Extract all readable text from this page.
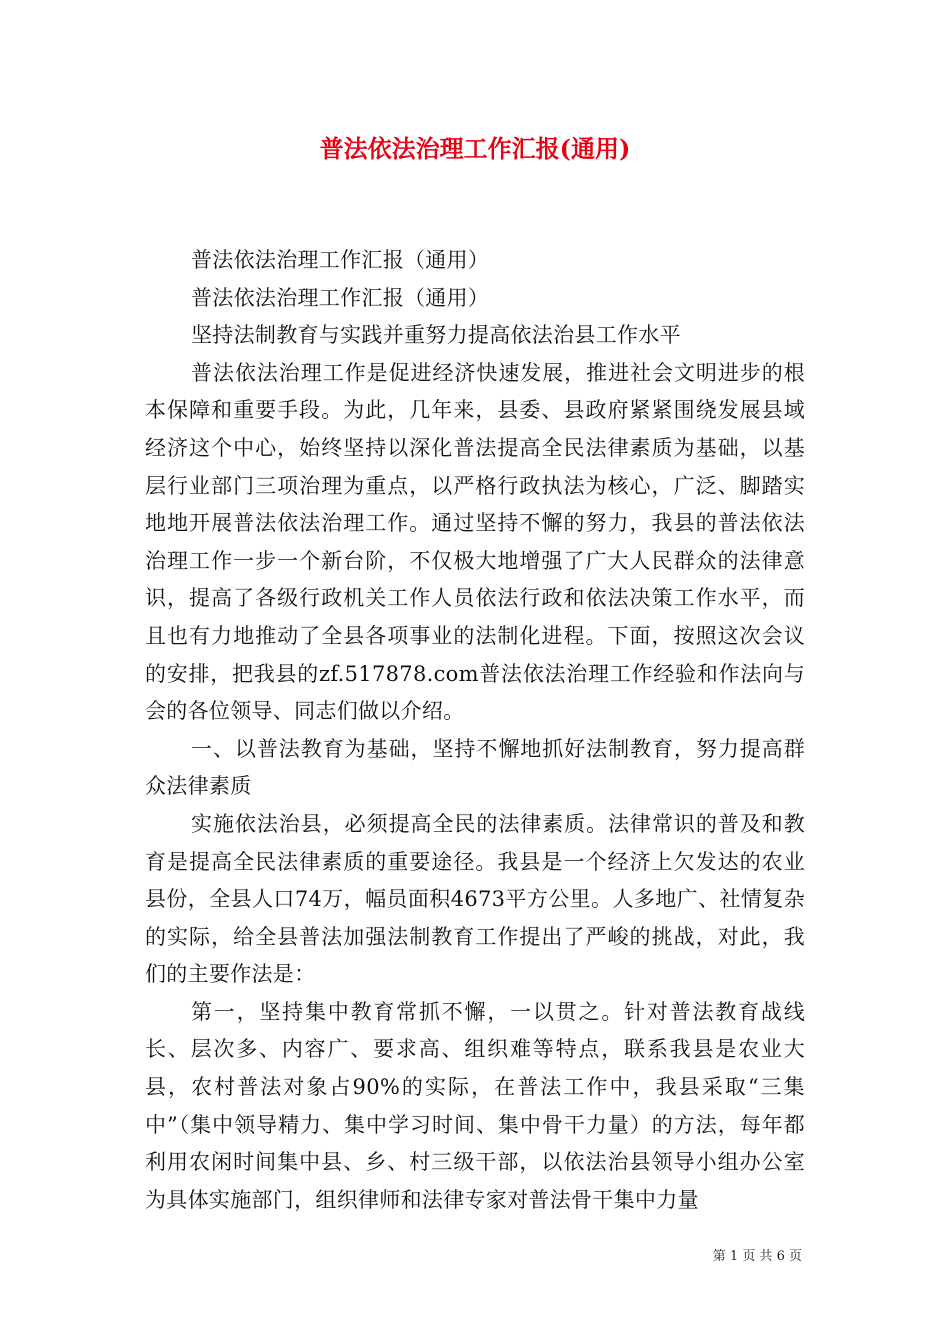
普法依法治理工作汇报(通用)

普法依法治理工作汇报（通用）

普法依法治理工作汇报（通用）

坚持法制教育与实践并重努力提高依法治县工作水平

普法依法治理工作是促进经济快速发展，推进社会文明进步的根本保障和重要手段。为此，几年来，县委、县政府紧紧围绕发展县域经济这个中心，始终坚持以深化普法提高全民法律素质为基础，以基层行业部门三项治理为重点，以严格行政执法为核心，广泛、脚踏实地地开展普法依法治理工作。通过坚持不懈的努力，我县的普法依法治理工作一步一个新台阶，不仅极大地增强了广大人民群众的法律意识，提高了各级行政机关工作人员依法行政和依法决策工作水平，而且也有力地推动了全县各项事业的法制化进程。下面，按照这次会议的安排，把我县的zf.517878.com普法依法治理工作经验和作法向与会的各位领导、同志们做以介绍。

一、以普法教育为基础，坚持不懈地抓好法制教育，努力提高群众法律素质

实施依法治县，必须提高全民的法律素质。法律常识的普及和教育是提高全民法律素质的重要途径。我县是一个经济上欠发达的农业县份，全县人口74万，幅员面积4673平方公里。人多地广、社情复杂的实际，给全县普法加强法制教育工作提出了严峻的挑战，对此，我们的主要作法是：

第一，坚持集中教育常抓不懈，一以贯之。针对普法教育战线长、层次多、内容广、要求高、组织难等特点，联系我县是农业大县，农村普法对象占90%的实际，在普法工作中，我县采取“三集中”（集中领导精力、集中学习时间、集中骨干力量）的方法，每年都利用农闲时间集中县、乡、村三级干部，以依法治县领导小组办公室为具体实施部门，组织律师和法律专家对普法骨干集中力量

第 1 页 共 6 页
